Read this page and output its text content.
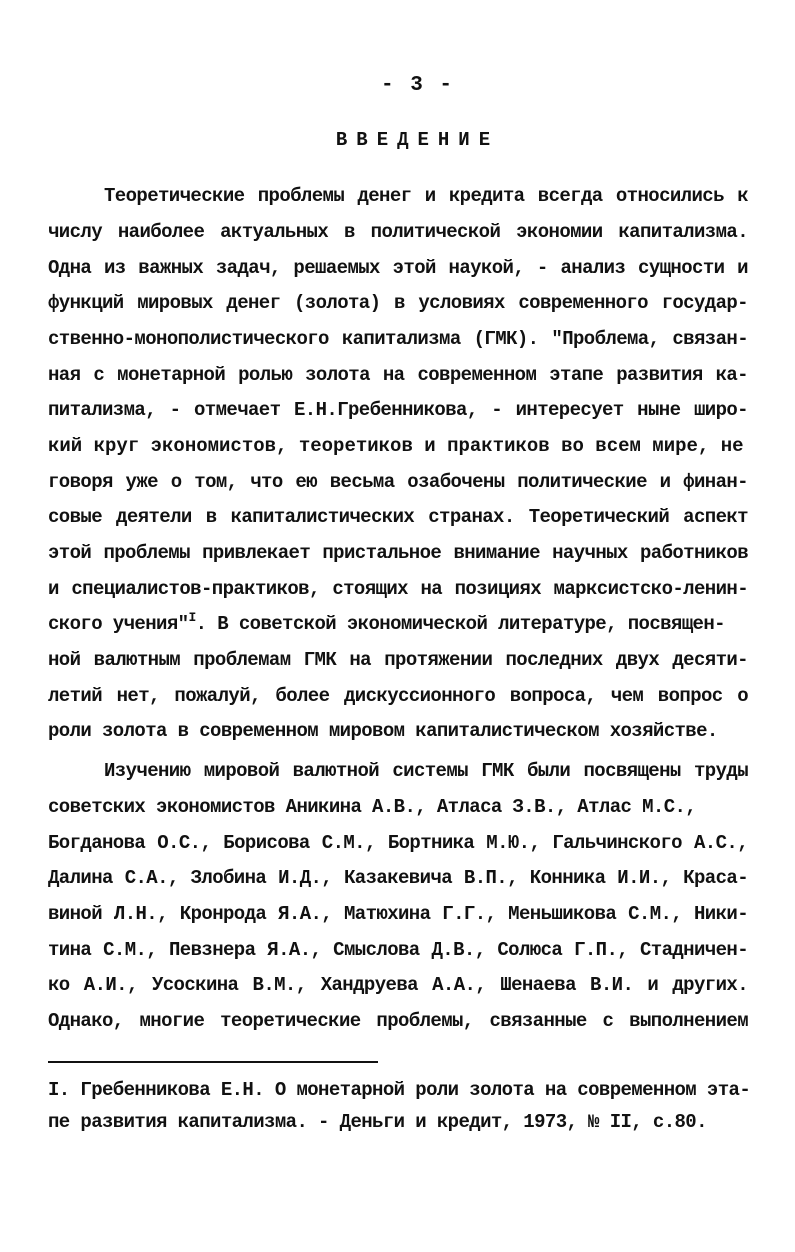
- 3 -
ВВЕДЕНИЕ
Теоретические проблемы денег и кредита всегда относились к
числу наиболее актуальных в политической экономии капитализма.
Одна из важных задач, решаемых этой наукой, - анализ сущности и
функций мировых денег (золота) в условиях современного государ-
ственно-монополистического капитализма (ГМК). "Проблема, связан-
ная с монетарной ролью золота на современном этапе развития ка-
питализма, - отмечает Е.Н.Гребенникова, - интересует ныне широ-
кий круг экономистов, теоретиков и практиков во всем мире, не
говоря уже о том, что ею весьма озабочены политические и финан-
совые деятели в капиталистических странах. Теоретический аспект
этой проблемы привлекает пристальное внимание научных работников
и специалистов-практиков, стоящих на позициях марксистско-ленин-
ского учения"$^I$. В советской экономической литературе, посвящен-
ной валютным проблемам ГМК на протяжении последних двух десяти-
летий нет, пожалуй, более дискуссионного вопроса, чем вопрос о
роли золота в современном мировом капиталистическом хозяйстве.
Изучению мировой валютной системы ГМК были посвящены труды
советских экономистов Аникина А.В., Атласа З.В., Атлас М.С.,
Богданова О.С., Борисова С.М., Бортника М.Ю., Гальчинского А.С.,
Далина С.А., Злобина И.Д., Казакевича В.П., Конника И.И., Краса-
виной Л.Н., Кронрода Я.А., Матюхина Г.Г., Меньшикова С.М., Ники-
тина С.М., Певзнера Я.А., Смыслова Д.В., Солюса Г.П., Стадничен-
ко А.И., Усоскина В.М., Хандруева А.А., Шенаева В.И. и других.
Однако, многие теоретические проблемы, связанные с выполнением
I. Гребенникова Е.Н. О монетарной роли золота на современном эта-
пе развития капитализма. - Деньги и кредит, 1973, № II, с.80.
